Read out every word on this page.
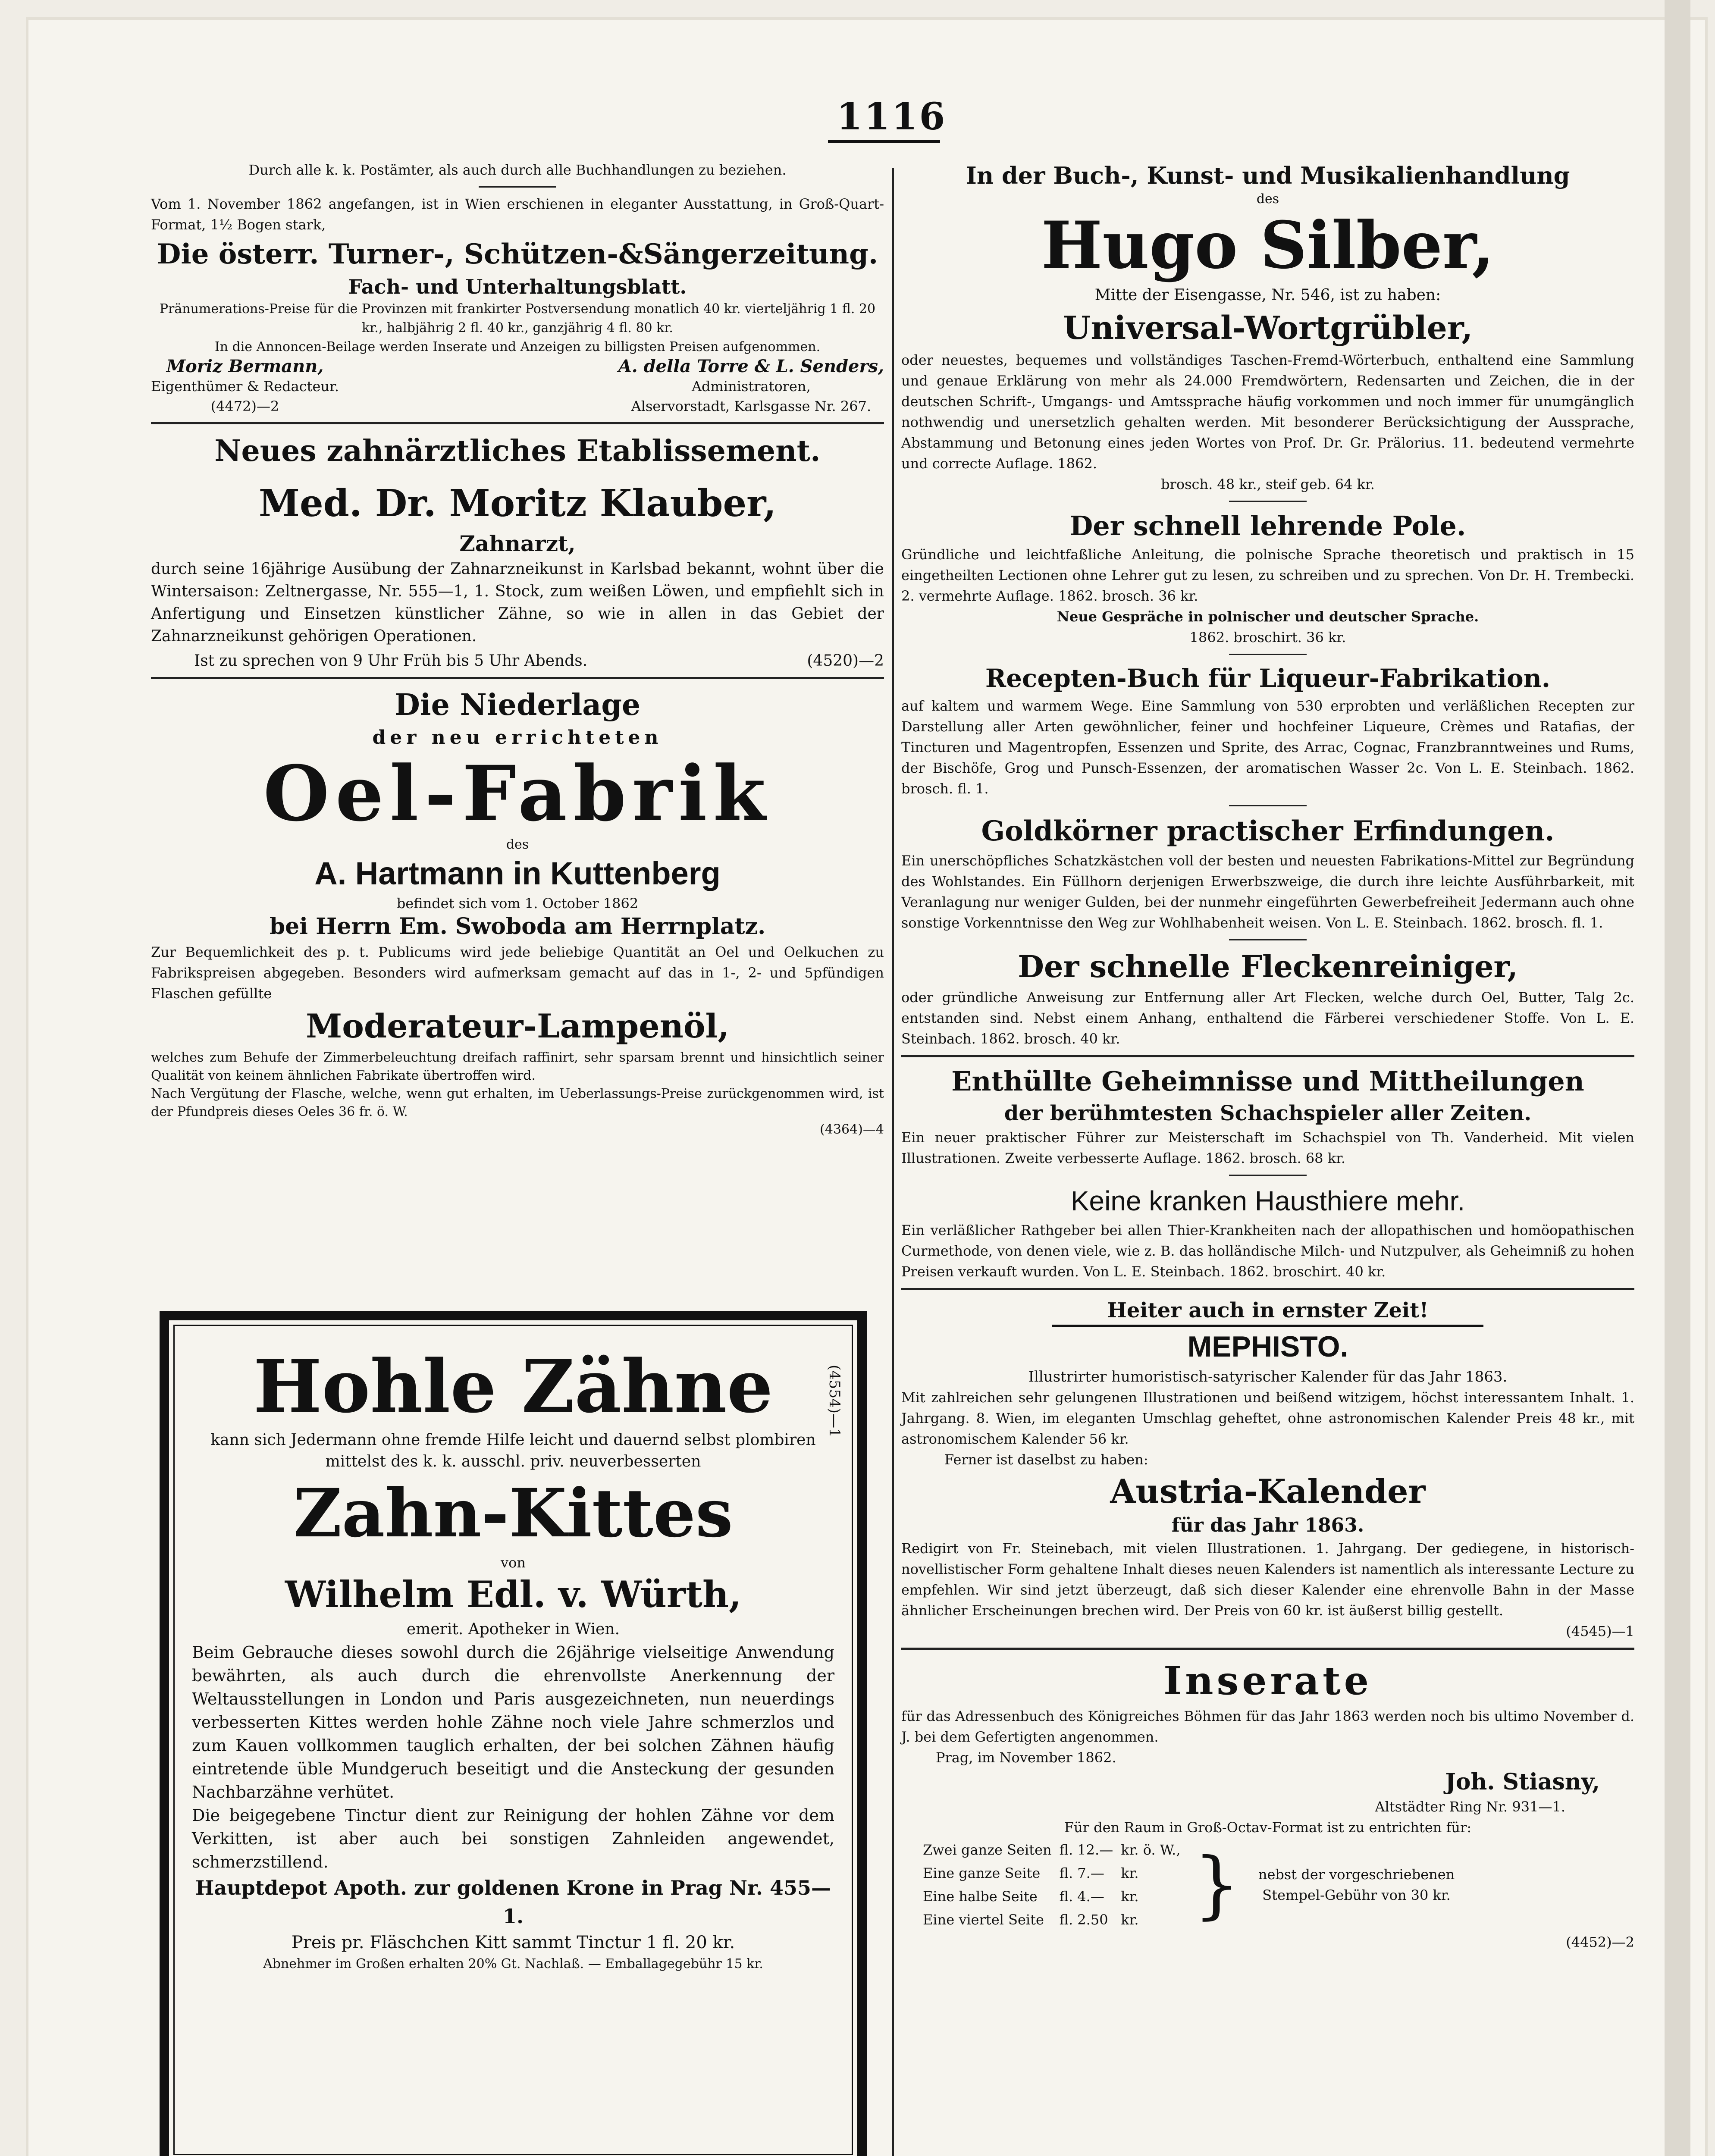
1116
Durch alle k. k. Postämter, als auch durch alle Buchhandlungen zu beziehen.
Vom 1. November 1862 angefangen, ist in Wien erschienen in eleganter Ausstattung, in Groß-Quart-Format, 1½ Bogen stark,
Die österr. Turner-, Schützen-&Sängerzeitung.
Fach- und Unterhaltungsblatt.
Pränumerations-Preise für die Provinzen mit frankirter Postversendung monatlich 40 kr. vierteljährig 1 fl. 20 kr., halbjährig 2 fl. 40 kr., ganzjährig 4 fl. 80 kr.
In die Annoncen-Beilage werden Inserate und Anzeigen zu billigsten Preisen aufgenommen.
Moriz Bermann,
Eigenthümer & Redacteur.
(4472)—2
A. della Torre & L. Senders,
Administratoren,
Alservorstadt, Karlsgasse Nr. 267.
Neues zahnärztliches Etablissement.
Med. Dr. Moritz Klauber,
Zahnarzt,
durch seine 16jährige Ausübung der Zahnarzneikunst in Karlsbad bekannt, wohnt über die Wintersaison: Zeltnergasse, Nr. 555—1, 1. Stock, zum weißen Löwen, und empfiehlt sich in Anfertigung und Einsetzen künstlicher Zähne, so wie in allen in das Gebiet der Zahnarzneikunst gehörigen Operationen.
Ist zu sprechen von 9 Uhr Früh bis 5 Uhr Abends.	(4520)—2
Die Niederlage
der neu errichteten
Oel-Fabrik
des
A. Hartmann in Kuttenberg
befindet sich vom 1. October 1862
bei Herrn Em. Swoboda am Herrnplatz.
Zur Bequemlichkeit des p. t. Publicums wird jede beliebige Quantität an Oel und Oelkuchen zu Fabrikspreisen abgegeben. Besonders wird aufmerksam gemacht auf das in 1-, 2- und 5pfündigen Flaschen gefüllte
Moderateur-Lampenöl,
welches zum Behufe der Zimmerbeleuchtung dreifach raffinirt, sehr sparsam brennt und hinsichtlich seiner Qualität von keinem ähnlichen Fabrikate übertroffen wird.
Nach Vergütung der Flasche, welche, wenn gut erhalten, im Ueberlassungs-Preise zurückgenommen wird, ist der Pfundpreis dieses Oeles 36 fr. ö. W.
(4364)—4
(4554)—1
Hohle Zähne
kann sich Jedermann ohne fremde Hilfe leicht und dauernd selbst plombiren mittelst des k. k. ausschl. priv. neuverbesserten
Zahn-Kittes
von
Wilhelm Edl. v. Würth,
emerit. Apotheker in Wien.
Beim Gebrauche dieses sowohl durch die 26jährige vielseitige Anwendung bewährten, als auch durch die ehrenvollste Anerkennung der Weltausstellungen in London und Paris ausgezeichneten, nun neuerdings verbesserten Kittes werden hohle Zähne noch viele Jahre schmerzlos und zum Kauen vollkommen tauglich erhalten, der bei solchen Zähnen häufig eintretende üble Mundgeruch beseitigt und die Ansteckung der gesunden Nachbarzähne verhütet.
Die beigegebene Tinctur dient zur Reinigung der hohlen Zähne vor dem Verkitten, ist aber auch bei sonstigen Zahnleiden angewendet, schmerzstillend.
Hauptdepot Apoth. zur goldenen Krone in Prag Nr. 455—1.
Preis pr. Fläschchen Kitt sammt Tinctur 1 fl. 20 kr.
Abnehmer im Großen erhalten 20% Gt. Nachlaß. — Emballagegebühr 15 kr.
In der Buch-, Kunst- und Musikalienhandlung
des
Hugo Silber,
Mitte der Eisengasse, Nr. 546, ist zu haben:
Universal-Wortgrübler,
oder neuestes, bequemes und vollständiges Taschen-Fremd-Wörterbuch, enthaltend eine Sammlung und genaue Erklärung von mehr als 24.000 Fremdwörtern, Redensarten und Zeichen, die in der deutschen Schrift-, Umgangs- und Amtssprache häufig vorkommen und noch immer für unumgänglich nothwendig und unersetzlich gehalten werden. Mit besonderer Berücksichtigung der Aussprache, Abstammung und Betonung eines jeden Wortes von Prof. Dr. Gr. Prälorius. 11. bedeutend vermehrte und correcte Auflage. 1862.
brosch. 48 kr., steif geb. 64 kr.
Der schnell lehrende Pole.
Gründliche und leichtfaßliche Anleitung, die polnische Sprache theoretisch und praktisch in 15 eingetheilten Lectionen ohne Lehrer gut zu lesen, zu schreiben und zu sprechen. Von Dr. H. Trembecki. 2. vermehrte Auflage. 1862. brosch. 36 kr.
Neue Gespräche in polnischer und deutscher Sprache.
1862. broschirt. 36 kr.
Recepten-Buch für Liqueur-Fabrikation.
auf kaltem und warmem Wege. Eine Sammlung von 530 erprobten und verläßlichen Recepten zur Darstellung aller Arten gewöhnlicher, feiner und hochfeiner Liqueure, Crèmes und Ratafias, der Tincturen und Magentropfen, Essenzen und Sprite, des Arrac, Cognac, Franzbranntweines und Rums, der Bischöfe, Grog und Punsch-Essenzen, der aromatischen Wasser 2c. Von L. E. Steinbach. 1862. brosch. fl. 1.
Goldkörner practischer Erfindungen.
Ein unerschöpfliches Schatzkästchen voll der besten und neuesten Fabrikations-Mittel zur Begründung des Wohlstandes. Ein Füllhorn derjenigen Erwerbszweige, die durch ihre leichte Ausführbarkeit, mit Veranlagung nur weniger Gulden, bei der nunmehr eingeführten Gewerbefreiheit Jedermann auch ohne sonstige Vorkenntnisse den Weg zur Wohlhabenheit weisen. Von L. E. Steinbach. 1862. brosch. fl. 1.
Der schnelle Fleckenreiniger,
oder gründliche Anweisung zur Entfernung aller Art Flecken, welche durch Oel, Butter, Talg 2c. entstanden sind. Nebst einem Anhang, enthaltend die Färberei verschiedener Stoffe. Von L. E. Steinbach. 1862. brosch. 40 kr.
Enthüllte Geheimnisse und Mittheilungen
der berühmtesten Schachspieler aller Zeiten.
Ein neuer praktischer Führer zur Meisterschaft im Schachspiel von Th. Vanderheid. Mit vielen Illustrationen. Zweite verbesserte Auflage. 1862. brosch. 68 kr.
Keine kranken Hausthiere mehr.
Ein verläßlicher Rathgeber bei allen Thier-Krankheiten nach der allopathischen und homöopathischen Curmethode, von denen viele, wie z. B. das holländische Milch- und Nutzpulver, als Geheimniß zu hohen Preisen verkauft wurden. Von L. E. Steinbach. 1862. broschirt. 40 kr.
Heiter auch in ernster Zeit!
MEPHISTO.
Illustrirter humoristisch-satyrischer Kalender für das Jahr 1863.
Mit zahlreichen sehr gelungenen Illustrationen und beißend witzigem, höchst interessantem Inhalt. 1. Jahrgang. 8. Wien, im eleganten Umschlag geheftet, ohne astronomischen Kalender Preis 48 kr., mit astronomischem Kalender 56 kr.
Ferner ist daselbst zu haben:
Austria-Kalender
für das Jahr 1863.
Redigirt von Fr. Steinebach, mit vielen Illustrationen. 1. Jahrgang. Der gediegene, in historisch-novellistischer Form gehaltene Inhalt dieses neuen Kalenders ist namentlich als interessante Lecture zu empfehlen. Wir sind jetzt überzeugt, daß sich dieser Kalender eine ehrenvolle Bahn in der Masse ähnlicher Erscheinungen brechen wird. Der Preis von 60 kr. ist äußerst billig gestellt.
(4545)—1
Inserate
für das Adressenbuch des Königreiches Böhmen für das Jahr 1863 werden noch bis ultimo November d. J. bei dem Gefertigten angenommen.
Prag, im November 1862.
Joh. Stiasny,
Altstädter Ring Nr. 931—1.
Für den Raum in Groß-Octav-Format ist zu entrichten für:
Zwei ganze Seiten	fl. 12.—	kr. ö. W.,
Eine ganze Seite	fl. 7.—	kr.
Eine halbe Seite	fl. 4.—	kr.
Eine viertel Seite	fl. 2.50	kr. }	nebst der vorgeschriebenen Stempel-Gebühr von 30 kr.
(4452)—2
